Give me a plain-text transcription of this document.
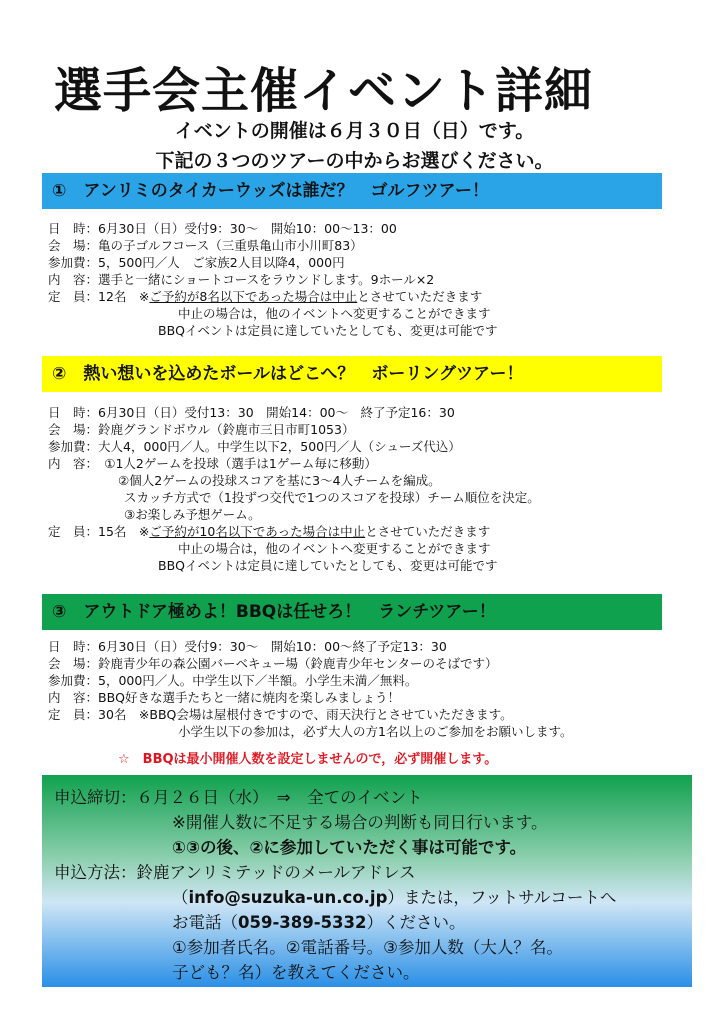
選手会主催イベント詳細
イベントの開催は６月３０日（日）です。
下記の３つのツアーの中からお選びください。
①　アンリミのタイカーウッズは誰だ？　ゴルフツアー！
日　時：6月30日（日）受付9：30～　開始10：00～13：00
会　場：亀の子ゴルフコース（三重県亀山市小川町83）
参加費：5，500円／人　ご家族2人目以降4，000円
内　容：選手と一緒にショートコースをラウンドします。9ホール×2
定　員：12名　※ご予約が8名以下であった場合は中止とさせていただきます
中止の場合は，他のイベントへ変更することができます
BBQイベントは定員に達していたとしても、変更は可能です
②　熱い想いを込めたボールはどこへ？　ボーリングツアー！
日　時：6月30日（日）受付13：30　開始14：00～　終了予定16：30
会　場：鈴鹿グランドボウル（鈴鹿市三日市町1053）
参加費：大人4，000円／人。中学生以下2，500円／人（シューズ代込）
内　容：　①1人2ゲームを投球（選手は1ゲーム毎に移動）
②個人2ゲームの投球スコアを基に3～4人チームを編成。
スカッチ方式で（1投ずつ交代で1つのスコアを投球）チーム順位を決定。
③お楽しみ予想ゲーム。
定　員：15名　※ご予約が10名以下であった場合は中止とさせていただきます
中止の場合は，他のイベントへ変更することができます
BBQイベントは定員に達していたとしても、変更は可能です
③　アウトドア極めよ！BBQは任せろ！　ランチツアー！
日　時：6月30日（日）受付9：30～　開始10：00～終了予定13：30
会　場：鈴鹿青少年の森公園バーベキュー場（鈴鹿青少年センターのそばです）
参加費：5，000円／人。中学生以下／半額。小学生未満／無料。
内　容：BBQ好きな選手たちと一緒に焼肉を楽しみましょう！
定　員：30名　※BBQ会場は屋根付きですので、雨天決行とさせていただきます。
小学生以下の参加は，必ず大人の方1名以上のご参加をお願いします。
☆　BBQは最小開催人数を設定しませんので，必ず開催します。
申込締切：６月２６日（水）　⇒　全てのイベント
※開催人数に不足する場合の判断も同日行います。
①③の後、②に参加していただく事は可能です。
申込方法：鈴鹿アンリミテッドのメールアドレス
（info@suzuka-un.co.jp）または，フットサルコートへ
お電話（059-389-5332）ください。
①参加者氏名。②電話番号。③参加人数（大人？名。
子ども？名）を教えてください。
